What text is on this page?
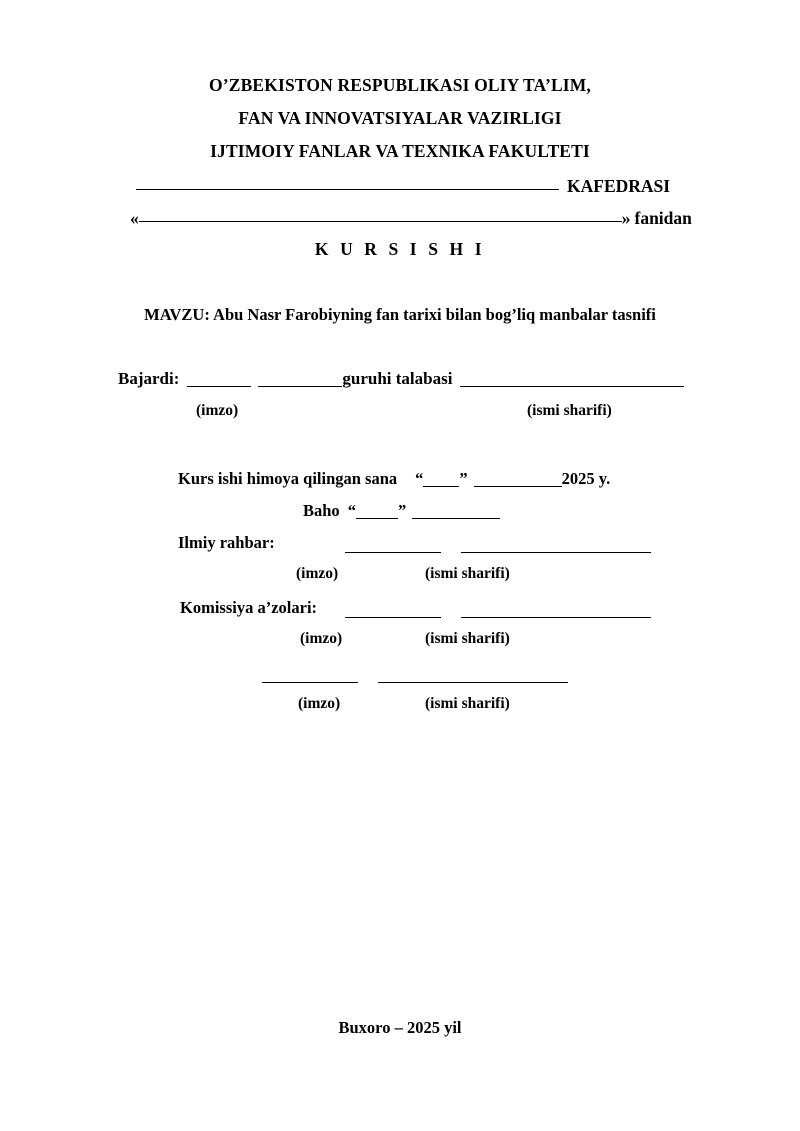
O’ZBEKISTON RESPUBLIKASI OLIY TA’LIM,
FAN VA INNOVATSIYALAR VAZIRLIGI
IJTIMOIY FANLAR VA TEXNIKA FAKULTETI
KAFEDRASI
«	» fanidan
K U R S I S H I
MAVZU: Abu Nasr Farobiyning fan tarixi bilan bog’liq manbalar tasnifi
Bajardi:	guruhi talabasi
(imzo)	(ismi sharifi)
Kurs ishi himoya qilingan sana “ ”	2025 y.
Baho “	”
Ilmiy rahbar:
(imzo)	(ismi sharifi)
Komissiya a’zolari:
(imzo)	(ismi sharifi)
(imzo)	(ismi sharifi)
Buxoro – 2025 yil
